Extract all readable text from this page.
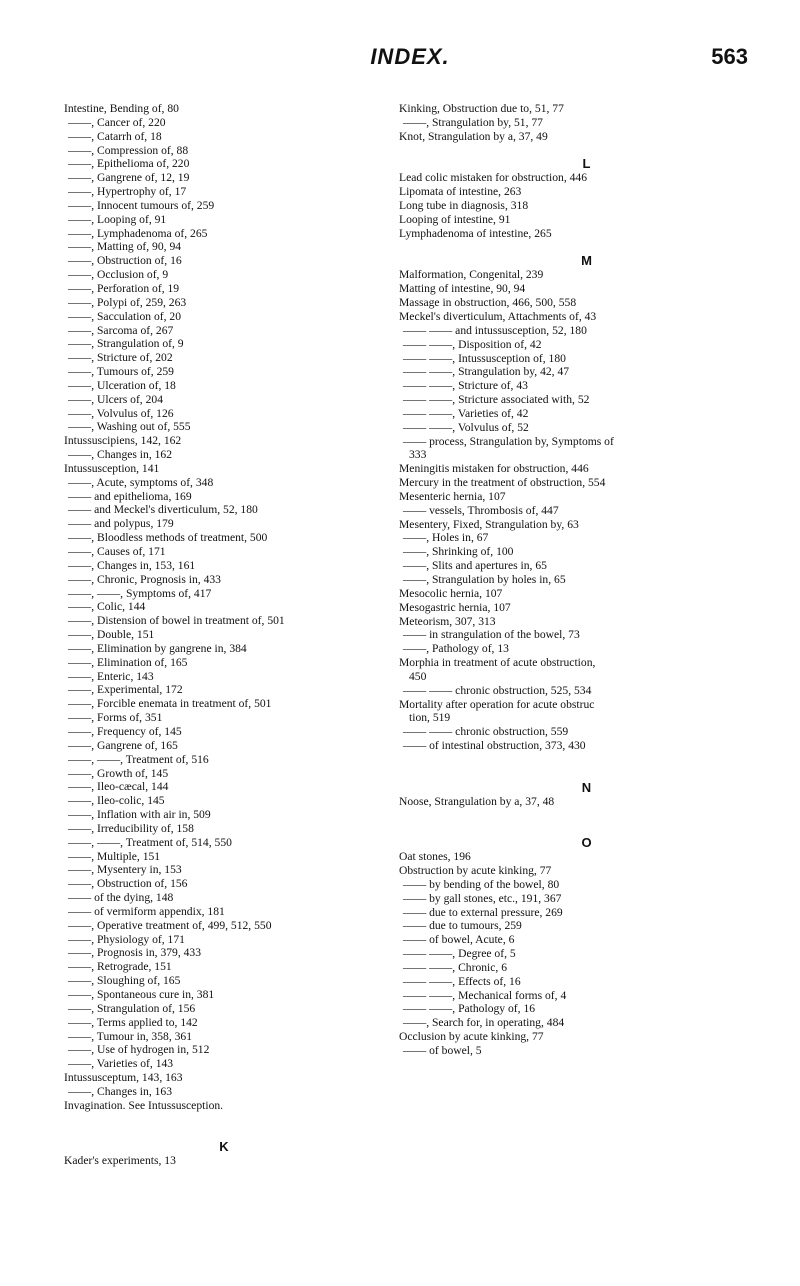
INDEX.	563
Intestine, Bending of, 80
——, Cancer of, 220
——, Catarrh of, 18
——, Compression of, 88
——, Epithelioma of, 220
——, Gangrene of, 12, 19
——, Hypertrophy of, 17
——, Innocent tumours of, 259
——, Looping of, 91
——, Lymphadenoma of, 265
——, Matting of, 90, 94
——, Obstruction of, 16
——, Occlusion of, 9
——, Perforation of, 19
——, Polypi of, 259, 263
——, Sacculation of, 20
——, Sarcoma of, 267
——, Strangulation of, 9
——, Stricture of, 202
——, Tumours of, 259
——, Ulceration of, 18
——, Ulcers of, 204
——, Volvulus of, 126
——, Washing out of, 555
Intussuscipiens, 142, 162
——, Changes in, 162
Intussusception, 141
——, Acute, symptoms of, 348
—— and epithelioma, 169
—— and Meckel's diverticulum, 52, 180
—— and polypus, 179
——, Bloodless methods of treatment, 500
——, Causes of, 171
——, Changes in, 153, 161
——, Chronic, Prognosis in, 433
——, ——, Symptoms of, 417
——, Colic, 144
——, Distension of bowel in treatment of, 501
——, Double, 151
——, Elimination by gangrene in, 384
——, Elimination of, 165
——, Enteric, 143
——, Experimental, 172
——, Forcible enemata in treatment of, 501
——, Forms of, 351
——, Frequency of, 145
——, Gangrene of, 165
——, ——, Treatment of, 516
——, Growth of, 145
——, Ileo-cæcal, 144
——, Ileo-colic, 145
——, Inflation with air in, 509
——, Irreducibility of, 158
——, ——, Treatment of, 514, 550
——, Multiple, 151
——, Mysentery in, 153
——, Obstruction of, 156
—— of the dying, 148
—— of vermiform appendix, 181
——, Operative treatment of, 499, 512, 550
——, Physiology of, 171
——, Prognosis in, 379, 433
——, Retrograde, 151
——, Sloughing of, 165
——, Spontaneous cure in, 381
——, Strangulation of, 156
——, Terms applied to, 142
——, Tumour in, 358, 361
——, Use of hydrogen in, 512
——, Varieties of, 143
Intussusceptum, 143, 163
——, Changes in, 163
Invagination. See Intussusception.

K
Kader's experiments, 13
Kinking, Obstruction due to, 51, 77
——, Strangulation by, 51, 77
Knot, Strangulation by a, 37, 49

L
Lead colic mistaken for obstruction, 446
Lipomata of intestine, 263
Long tube in diagnosis, 318
Looping of intestine, 91
Lymphadenoma of intestine, 265

M
Malformation, Congenital, 239
Matting of intestine, 90, 94
Massage in obstruction, 466, 500, 558
Meckel's diverticulum, Attachments of, 43
—— —— and intussusception, 52, 180
—— ——, Disposition of, 42
—— ——, Intussusception of, 180
—— ——, Strangulation by, 42, 47
—— ——, Stricture of, 43
—— ——, Stricture associated with, 52
—— ——, Varieties of, 42
—— ——, Volvulus of, 52
—— process, Strangulation by, Symptoms of
333
Meningitis mistaken for obstruction, 446
Mercury in the treatment of obstruction, 554
Mesenteric hernia, 107
—— vessels, Thrombosis of, 447
Mesentery, Fixed, Strangulation by, 63
——, Holes in, 67
——, Shrinking of, 100
——, Slits and apertures in, 65
——, Strangulation by holes in, 65
Mesocolic hernia, 107
Mesogastric hernia, 107
Meteorism, 307, 313
—— in strangulation of the bowel, 73
——, Pathology of, 13
Morphia in treatment of acute obstruction,
450
—— —— chronic obstruction, 525, 534
Mortality after operation for acute obstruc
tion, 519
—— —— chronic obstruction, 559
—— of intestinal obstruction, 373, 430

N
Noose, Strangulation by a, 37, 48

O
Oat stones, 196
Obstruction by acute kinking, 77
—— by bending of the bowel, 80
—— by gall stones, etc., 191, 367
—— due to external pressure, 269
—— due to tumours, 259
—— of bowel, Acute, 6
—— ——, Degree of, 5
—— ——, Chronic, 6
—— ——, Effects of, 16
—— ——, Mechanical forms of, 4
—— ——, Pathology of, 16
——, Search for, in operating, 484
Occlusion by acute kinking, 77
—— of bowel, 5
